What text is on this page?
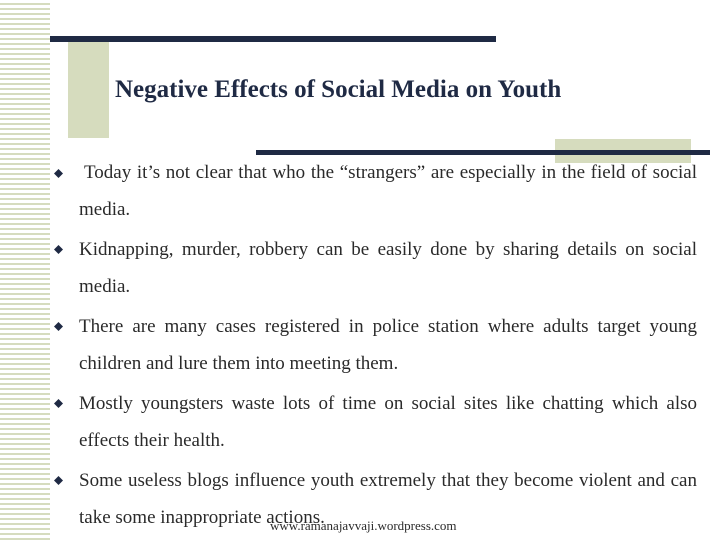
Negative Effects of Social Media on Youth
Today it’s not clear that who the “strangers” are especially in the field of social media.
Kidnapping, murder, robbery can be easily done by sharing details on social media.
There are many cases registered in police station where adults target young children and lure them into meeting them.
Mostly youngsters waste lots of time on social sites like chatting which also effects their health.
Some useless blogs influence youth extremely that they become violent and can take some inappropriate actions.
www.ramanajavvaji.wordpress.com
